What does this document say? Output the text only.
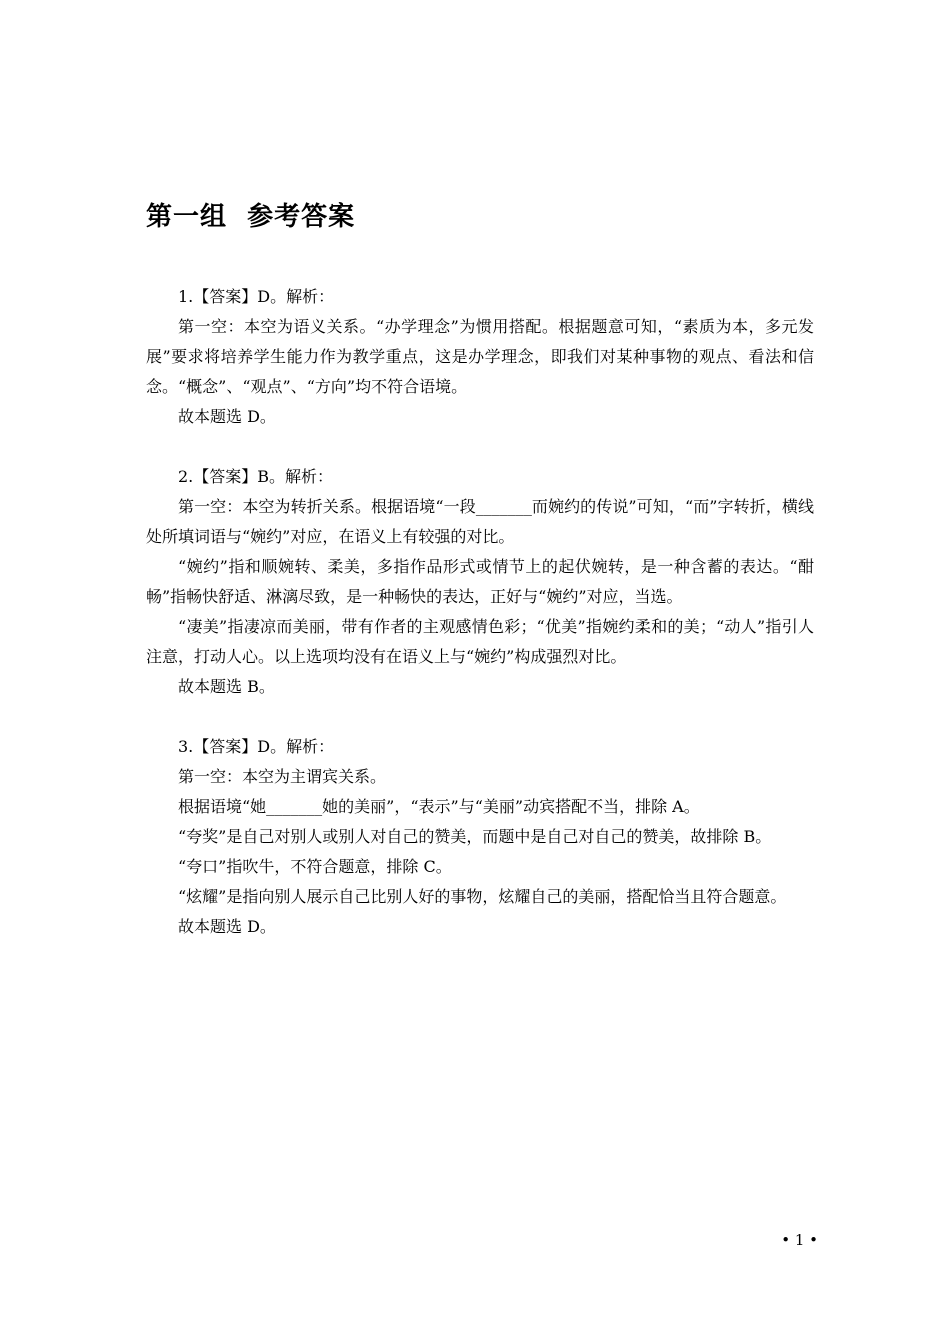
第一组  参考答案

1.【答案】D。解析：

第一空：本空为语义关系。“办学理念”为惯用搭配。根据题意可知，“素质为本，多元发展”要求将培养学生能力作为教学重点，这是办学理念，即我们对某种事物的观点、看法和信念。“概念”、“观点”、“方向”均不符合语境。

故本题选 D。

2.【答案】B。解析：

第一空：本空为转折关系。根据语境“一段_______而婉约的传说”可知，“而”字转折，横线处所填词语与“婉约”对应，在语义上有较强的对比。

“婉约”指和顺婉转、柔美，多指作品形式或情节上的起伏婉转，是一种含蓄的表达。“酣畅”指畅快舒适、淋漓尽致，是一种畅快的表达，正好与“婉约”对应，当选。

“凄美”指凄凉而美丽，带有作者的主观感情色彩；“优美”指婉约柔和的美；“动人”指引人注意，打动人心。以上选项均没有在语义上与“婉约”构成强烈对比。

故本题选 B。

3.【答案】D。解析：

第一空：本空为主谓宾关系。

根据语境“她_______她的美丽”，“表示”与“美丽”动宾搭配不当，排除 A。

“夸奖”是自己对别人或别人对自己的赞美，而题中是自己对自己的赞美，故排除 B。

“夸口”指吹牛，不符合题意，排除 C。

“炫耀”是指向别人展示自己比别人好的事物，炫耀自己的美丽，搭配恰当且符合题意。

故本题选 D。

• 1 •
